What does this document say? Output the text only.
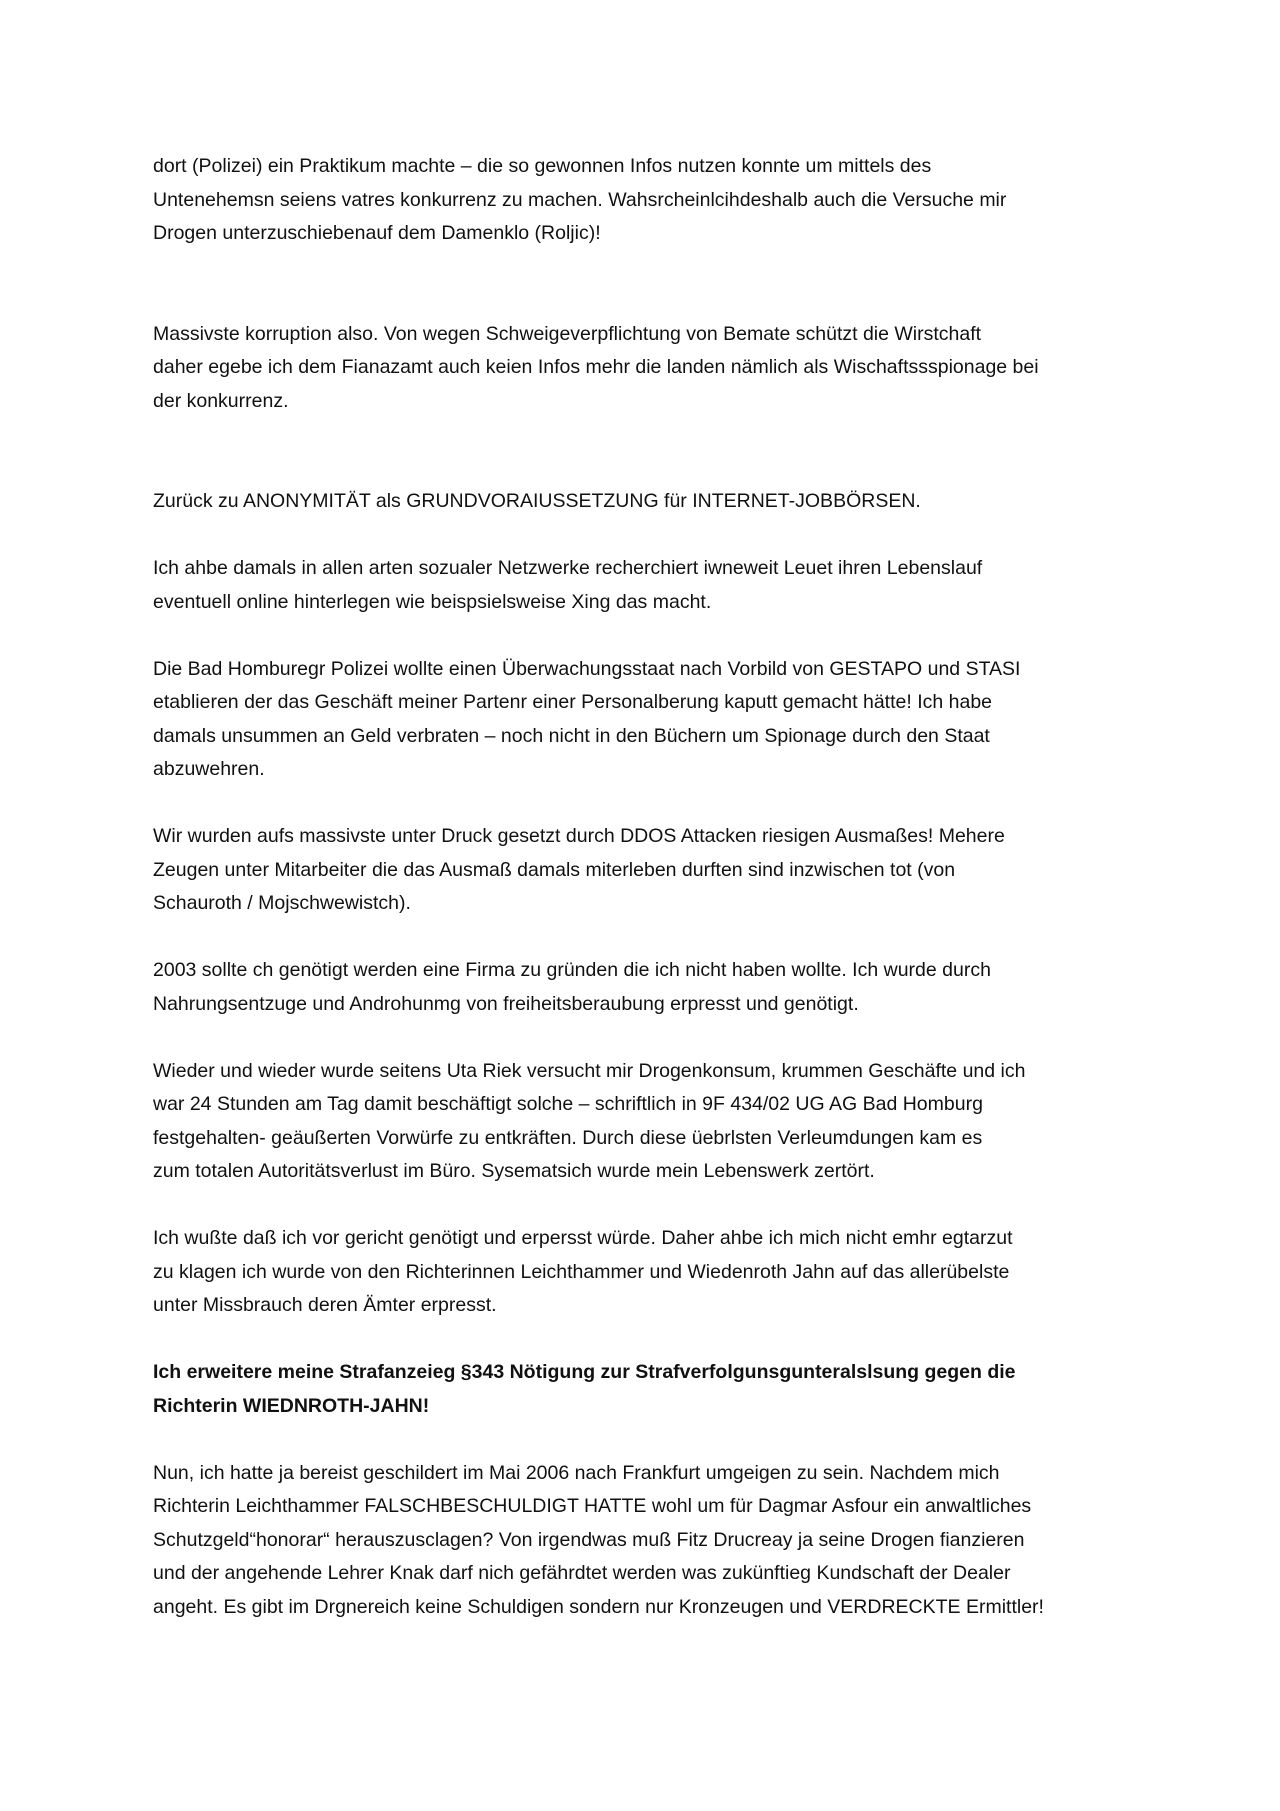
dort (Polizei) ein Praktikum machte – die so gewonnen Infos nutzen konnte um mittels des
Untenehemsn seiens vatres konkurrenz zu machen. Wahsrcheinlcihdeshalb auch die Versuche mir
Drogen unterzuschiebenauf dem Damenklo (Roljic)!

Massivste korruption also. Von wegen Schweigeverpflichtung von Bemate schützt die Wirstchaft
daher egebe ich dem Fianazamt auch keien Infos mehr die landen nämlich als Wischaftssspionage bei
der konkurrenz.

Zurück zu ANONYMITÄT als GRUNDVORAIUSSETZUNG für INTERNET-JOBBÖRSEN.

Ich ahbe damals in allen arten sozualer Netzwerke recherchiert iwneweit Leuet ihren Lebenslauf
eventuell online hinterlegen wie beispsielsweise Xing das macht.

Die Bad Homburegr Polizei wollte einen Überwachungsstaat nach Vorbild von GESTAPO und STASI
etablieren der das Geschäft meiner Partenr einer Personalberung kaputt gemacht hätte! Ich habe
damals unsummen an Geld verbraten – noch nicht in den Büchern um Spionage durch den Staat
abzuwehren.

Wir wurden aufs massivste unter Druck gesetzt durch DDOS Attacken riesigen Ausmaßes! Mehere
Zeugen unter Mitarbeiter die das Ausmaß damals miterleben durften sind inzwischen tot (von
Schauroth / Mojschwewistch).

2003 sollte ch genötigt werden eine Firma zu gründen die ich nicht haben wollte. Ich wurde durch
Nahrungsentzuge und Androhunmg von freiheitsberaubung erpresst und genötigt.

Wieder und wieder wurde seitens Uta Riek versucht mir Drogenkonsum, krummen Geschäfte und ich
war 24 Stunden am Tag damit beschäftigt solche – schriftlich in 9F 434/02 UG AG Bad Homburg
festgehalten- geäußerten Vorwürfe zu entkräften. Durch diese üebrlsten Verleumdungen kam es
zum totalen Autoritätsverlust im Büro. Sysematsich wurde mein Lebenswerk zertört.

Ich wußte daß ich vor gericht genötigt und erpersst würde. Daher ahbe ich mich nicht emhr egtarzut
zu klagen ich wurde von den Richterinnen Leichthammer und Wiedenroth Jahn auf das allerübelste
unter Missbrauch deren Ämter erpresst.

Ich erweitere meine Strafanzeieg §343 Nötigung zur Strafverfolgunsgunteralslsung gegen die
Richterin WIEDNROTH-JAHN!

Nun, ich hatte ja bereist geschildert im Mai 2006 nach Frankfurt umgeigen zu sein. Nachdem mich
Richterin Leichthammer FALSCHBESCHULDIGT HATTE wohl um für Dagmar Asfour ein anwaltliches
Schutzgeld“honorar“ herauszusclagen? Von irgendwas muß Fitz Drucreay ja seine Drogen fianzieren
und der angehende Lehrer Knak darf nich gefährdtet werden was zukünftieg Kundschaft der Dealer
angeht. Es gibt im Drgnereich keine Schuldigen sondern nur Kronzeugen und VERDRECKTE Ermittler!
